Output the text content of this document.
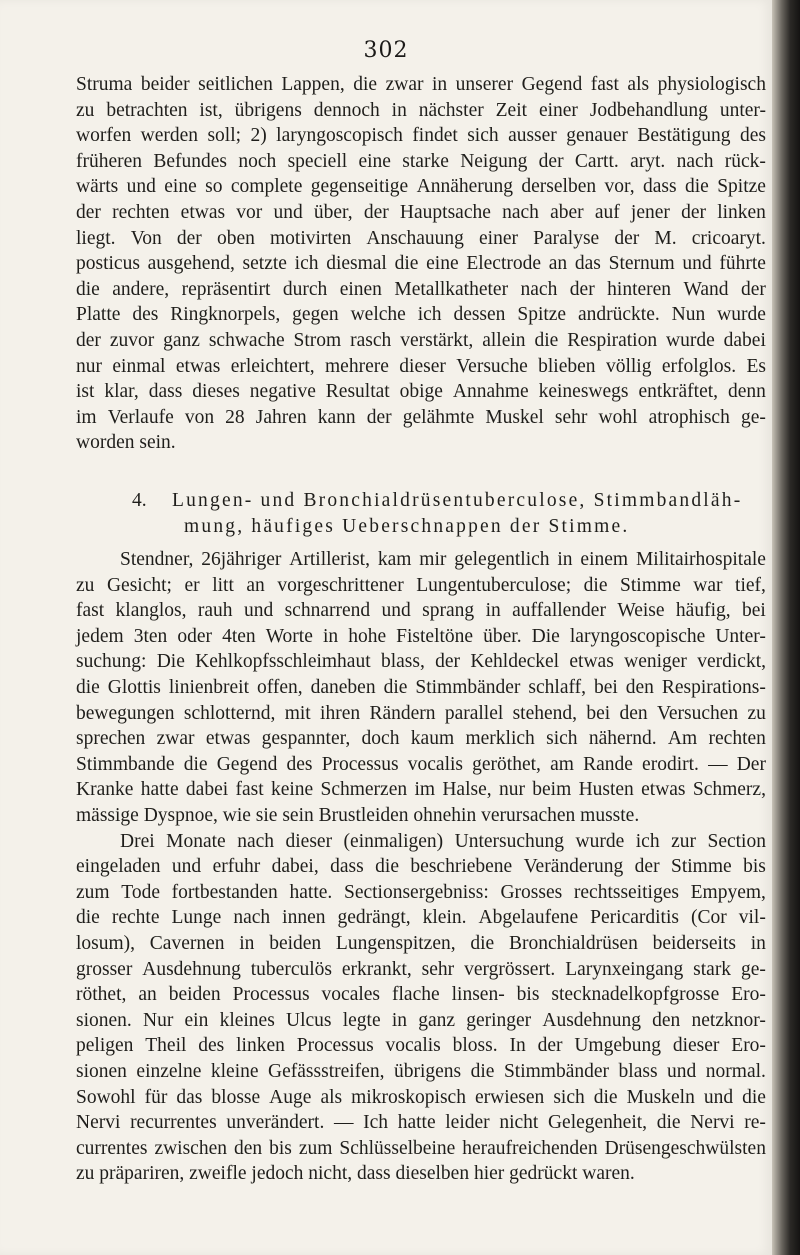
302
Struma beider seitlichen Lappen, die zwar in unserer Gegend fast als physiologisch
zu betrachten ist, übrigens dennoch in nächster Zeit einer Jodbehandlung unter-
worfen werden soll; 2) laryngoscopisch findet sich ausser genauer Bestätigung des
früheren Befundes noch speciell eine starke Neigung der Cartt. aryt. nach rück-
wärts und eine so complete gegenseitige Annäherung derselben vor, dass die Spitze
der rechten etwas vor und über, der Hauptsache nach aber auf jener der linken
liegt. Von der oben motivirten Anschauung einer Paralyse der M. cricoaryt.
posticus ausgehend, setzte ich diesmal die eine Electrode an das Sternum und führte
die andere, repräsentirt durch einen Metallkatheter nach der hinteren Wand der
Platte des Ringknorpels, gegen welche ich dessen Spitze andrückte. Nun wurde
der zuvor ganz schwache Strom rasch verstärkt, allein die Respiration wurde dabei
nur einmal etwas erleichtert, mehrere dieser Versuche blieben völlig erfolglos. Es
ist klar, dass dieses negative Resultat obige Annahme keineswegs entkräftet, denn
im Verlaufe von 28 Jahren kann der gelähmte Muskel sehr wohl atrophisch ge-
worden sein.
4.	Lungen- und Bronchialdrüsentuberculose, Stimmbandläh-
mung, häufiges Ueberschnappen der Stimme.
Stendner, 26jähriger Artillerist, kam mir gelegentlich in einem Militairhospitale
zu Gesicht; er litt an vorgeschrittener Lungentuberculose; die Stimme war tief,
fast klanglos, rauh und schnarrend und sprang in auffallender Weise häufig, bei
jedem 3ten oder 4ten Worte in hohe Fisteltöne über. Die laryngoscopische Unter-
suchung: Die Kehlkopfsschleimhaut blass, der Kehldeckel etwas weniger verdickt,
die Glottis linienbreit offen, daneben die Stimmbänder schlaff, bei den Respirations-
bewegungen schlotternd, mit ihren Rändern parallel stehend, bei den Versuchen zu
sprechen zwar etwas gespannter, doch kaum merklich sich nähernd. Am rechten
Stimmbande die Gegend des Processus vocalis geröthet, am Rande erodirt. — Der
Kranke hatte dabei fast keine Schmerzen im Halse, nur beim Husten etwas Schmerz,
mässige Dyspnoe, wie sie sein Brustleiden ohnehin verursachen musste.
Drei Monate nach dieser (einmaligen) Untersuchung wurde ich zur Section
eingeladen und erfuhr dabei, dass die beschriebene Veränderung der Stimme bis
zum Tode fortbestanden hatte. Sectionsergebniss: Grosses rechtsseitiges Empyem,
die rechte Lunge nach innen gedrängt, klein. Abgelaufene Pericarditis (Cor vil-
losum), Cavernen in beiden Lungenspitzen, die Bronchialdrüsen beiderseits in
grosser Ausdehnung tuberculös erkrankt, sehr vergrössert. Larynxeingang stark ge-
röthet, an beiden Processus vocales flache linsen- bis stecknadelkopfgrosse Ero-
sionen. Nur ein kleines Ulcus legte in ganz geringer Ausdehnung den netzknor-
peligen Theil des linken Processus vocalis bloss. In der Umgebung dieser Ero-
sionen einzelne kleine Gefässstreifen, übrigens die Stimmbänder blass und normal.
Sowohl für das blosse Auge als mikroskopisch erwiesen sich die Muskeln und die
Nervi recurrentes unverändert. — Ich hatte leider nicht Gelegenheit, die Nervi re-
currentes zwischen den bis zum Schlüsselbeine heraufreichenden Drüsengeschwülsten
zu präpariren, zweifle jedoch nicht, dass dieselben hier gedrückt waren.
